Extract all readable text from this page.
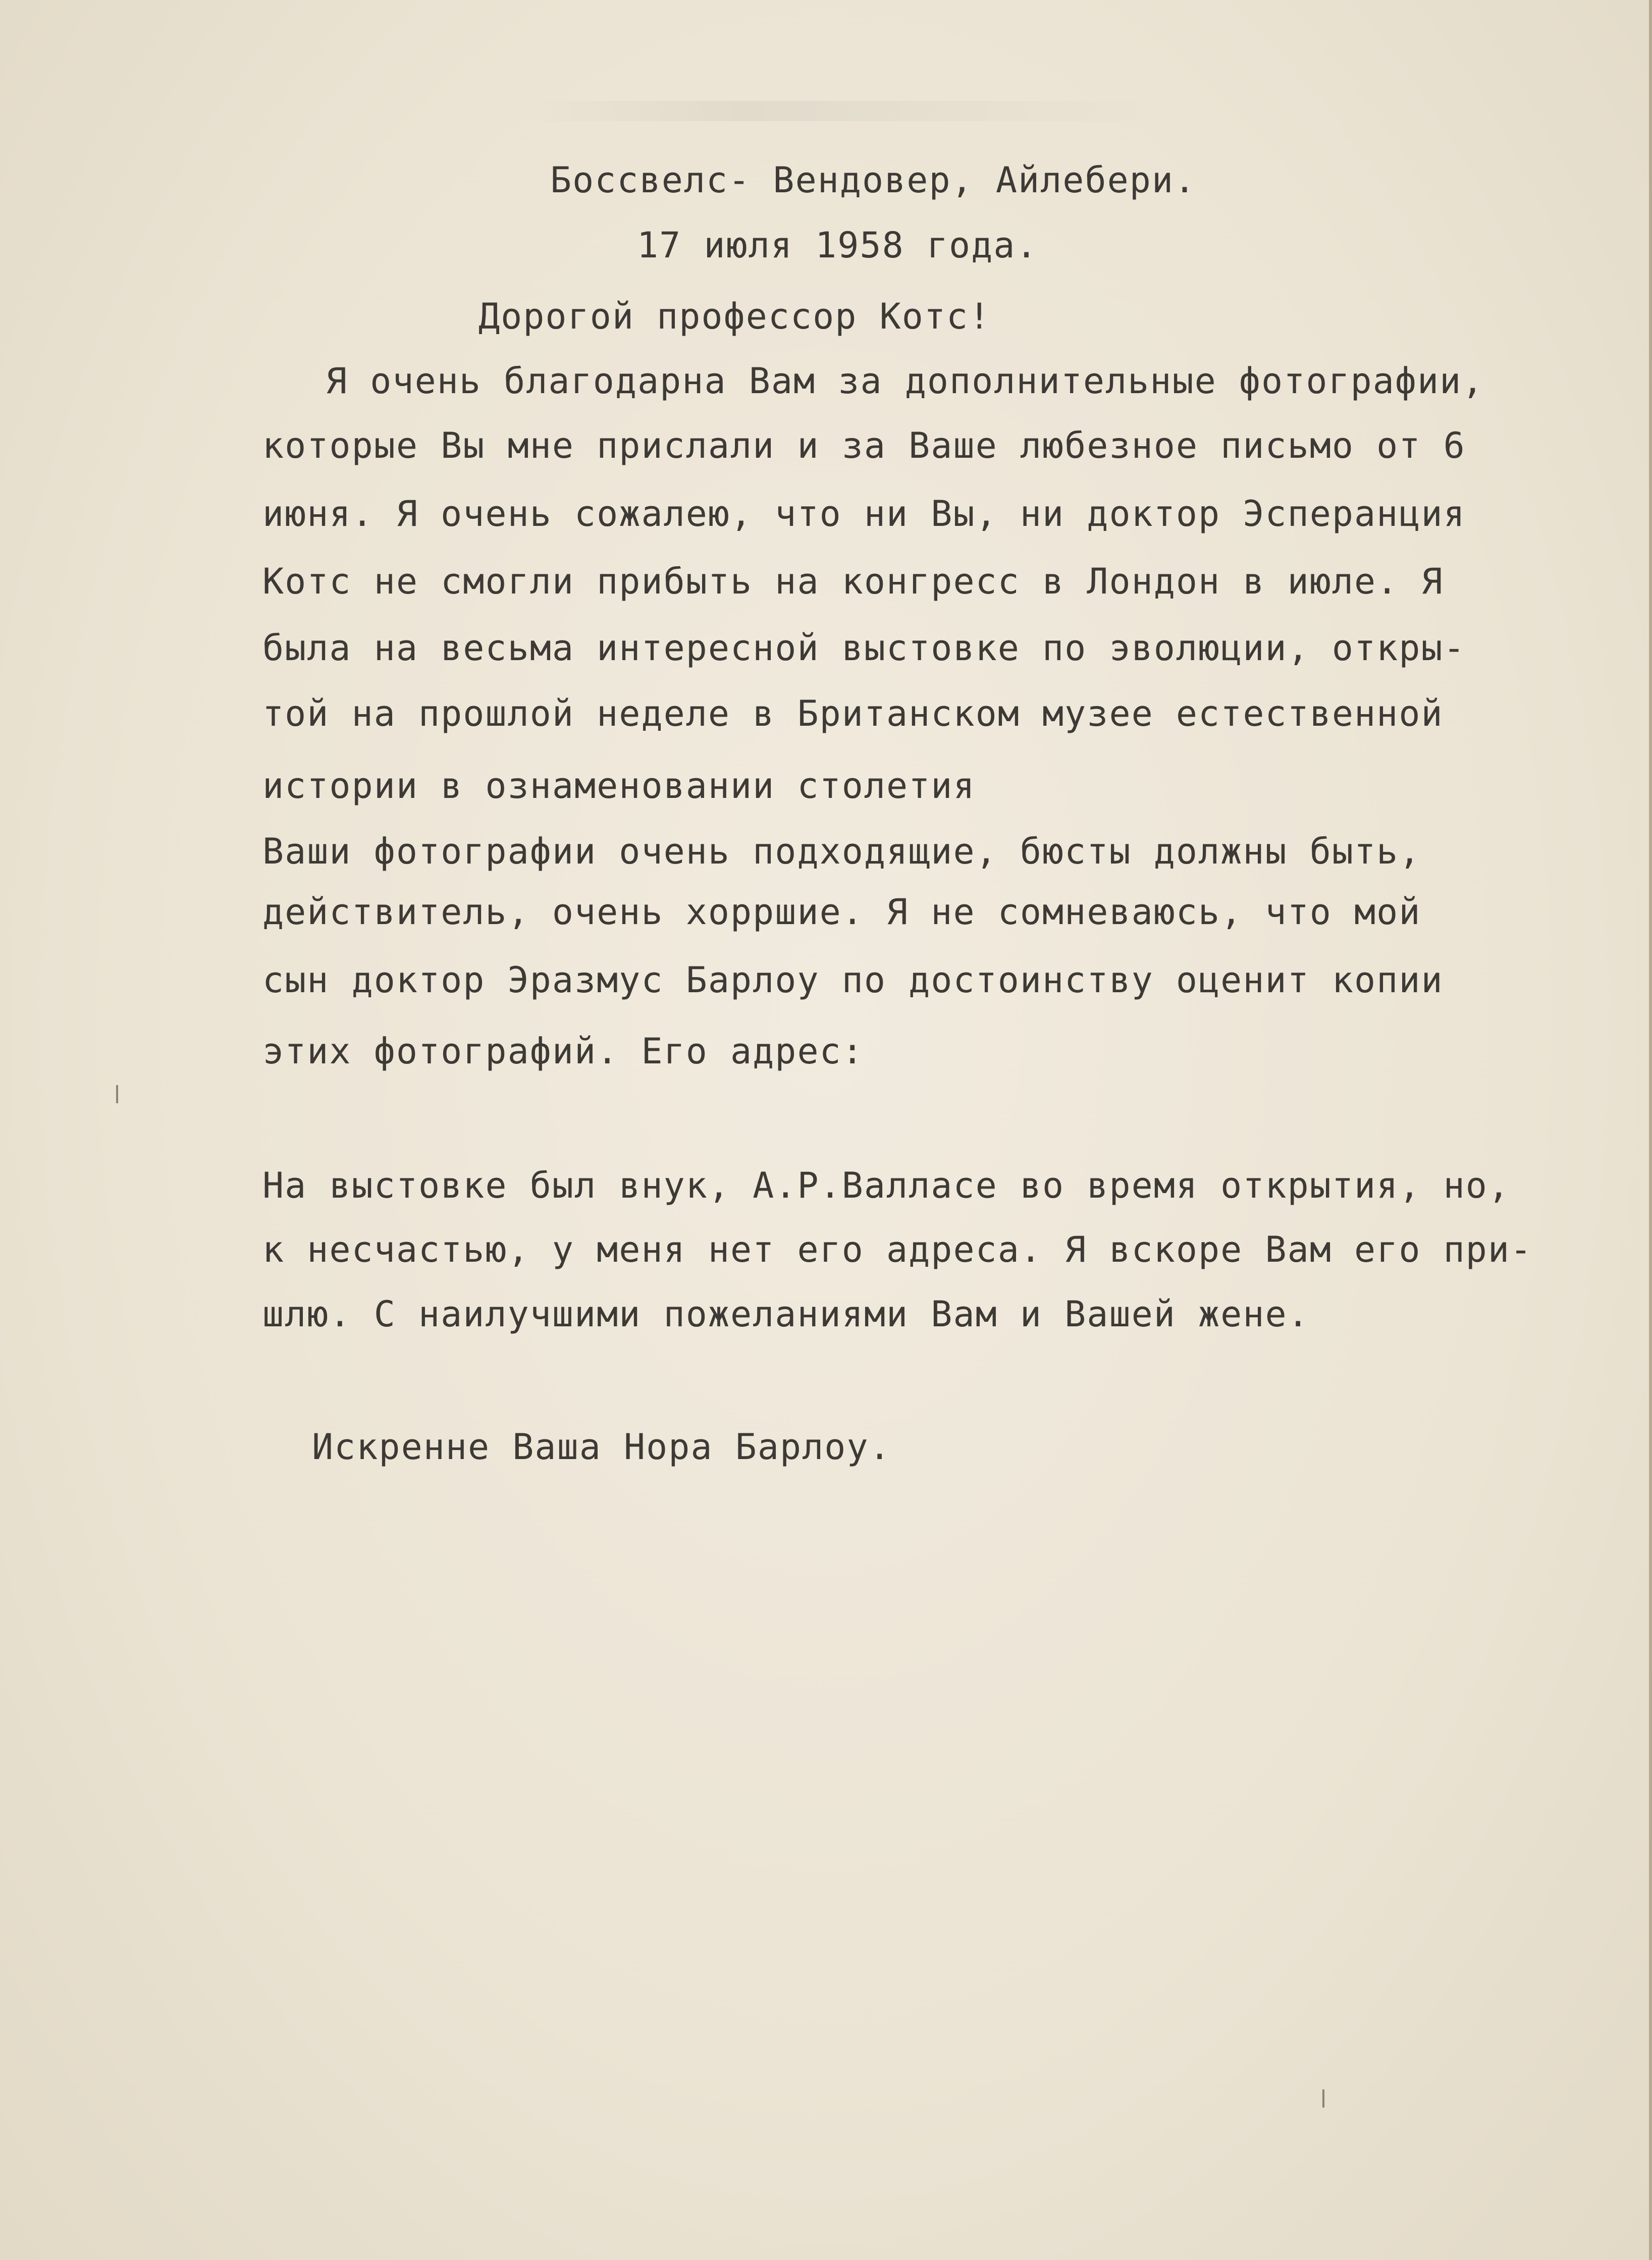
Боссвелс- Вендовер, Айлебери.

17 июля 1958 года.

Дорогой профессор Котс!

Я очень благодарна Вам за дополнительные фотографии,

которые Вы мне прислали и за Ваше любезное письмо от 6

июня. Я очень сожалею, что ни Вы, ни доктор Эсперанция

Котс не смогли прибыть на конгресс в Лондон в июле. Я

была на весьма интересной выстовке по эволюции, откры-

той на прошлой неделе в Британском музее естественной

истории в ознаменовании столетия

Ваши фотографии очень подходящие, бюсты должны быть,

действитель, очень хорршие. Я не сомневаюсь, что мой

сын доктор Эразмус Барлоу по достоинству оценит копии

этих фотографий. Его адрес:

На выстовке был внук, А.Р.Валласе во время открытия, но,

к несчастью, у меня нет его адреса. Я вскоре Вам его при-

шлю. С наилучшими пожеланиями Вам и Вашей жене.

Искренне Ваша Нора Барлоу.
